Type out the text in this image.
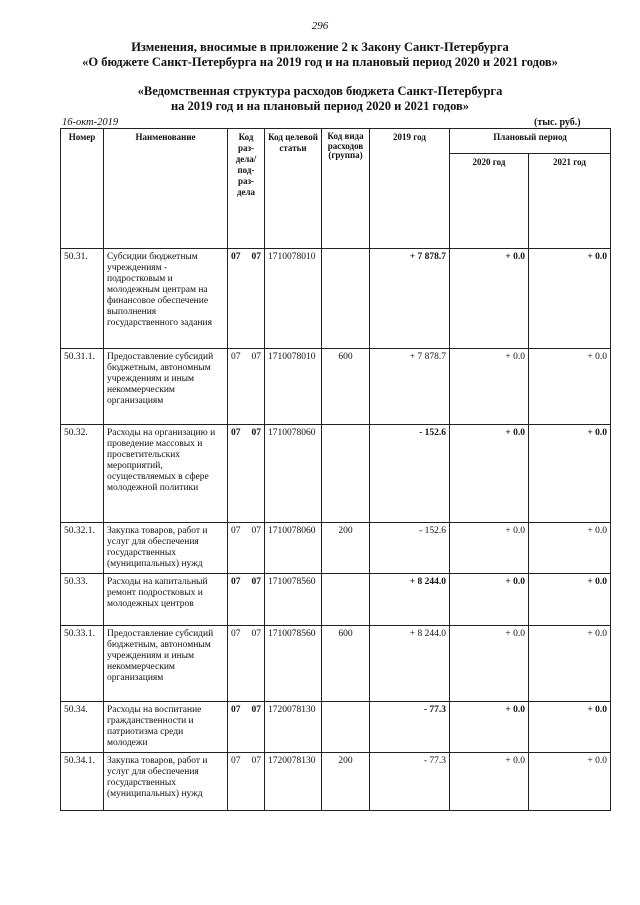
296
Изменения, вносимые в приложение 2 к Закону Санкт-Петербурга
«О бюджете Санкт-Петербурга на 2019 год и на плановый период 2020 и 2021 годов»
«Ведомственная структура расходов бюджета Санкт-Петербурга
на 2019 год и на плановый период 2020 и 2021 годов»
16-окт-2019	(тыс. руб.)
Номер	Наименование	Код раз-дела/ под-раз-дела	Код целевой статьи	Код вида расходов (группа)	2019 год	Плановый период	
						2020 год	2021 год
50.31.	Субсидии бюджетным учреждениям - подростковым и молодежным центрам на финансовое обеспечение выполнения государственного задания	07 07	1710078010		+ 7 878.7	+ 0.0	+ 0.0
50.31.1.	Предоставление субсидий бюджетным, автономным учреждениям и иным некоммерческим организациям	07 07	1710078010	600	+ 7 878.7	+ 0.0	+ 0.0
50.32.	Расходы на организацию и проведение массовых и просветительских мероприятий, осуществляемых в сфере молодежной политики	07 07	1710078060		- 152.6	+ 0.0	+ 0.0
50.32.1.	Закупка товаров, работ и услуг для обеспечения государственных (муниципальных) нужд	07 07	1710078060	200	- 152.6	+ 0.0	+ 0.0
50.33.	Расходы на капитальный ремонт подростковых и молодежных центров	07 07	1710078560		+ 8 244.0	+ 0.0	+ 0.0
50.33.1.	Предоставление субсидий бюджетным, автономным учреждениям и иным некоммерческим организациям	07 07	1710078560	600	+ 8 244.0	+ 0.0	+ 0.0
50.34.	Расходы на воспитание гражданственности и патриотизма среди молодежи	07 07	1720078130		- 77.3	+ 0.0	+ 0.0
50.34.1.	Закупка товаров, работ и услуг для обеспечения государственных (муниципальных) нужд	07 07	1720078130	200	- 77.3	+ 0.0	+ 0.0
